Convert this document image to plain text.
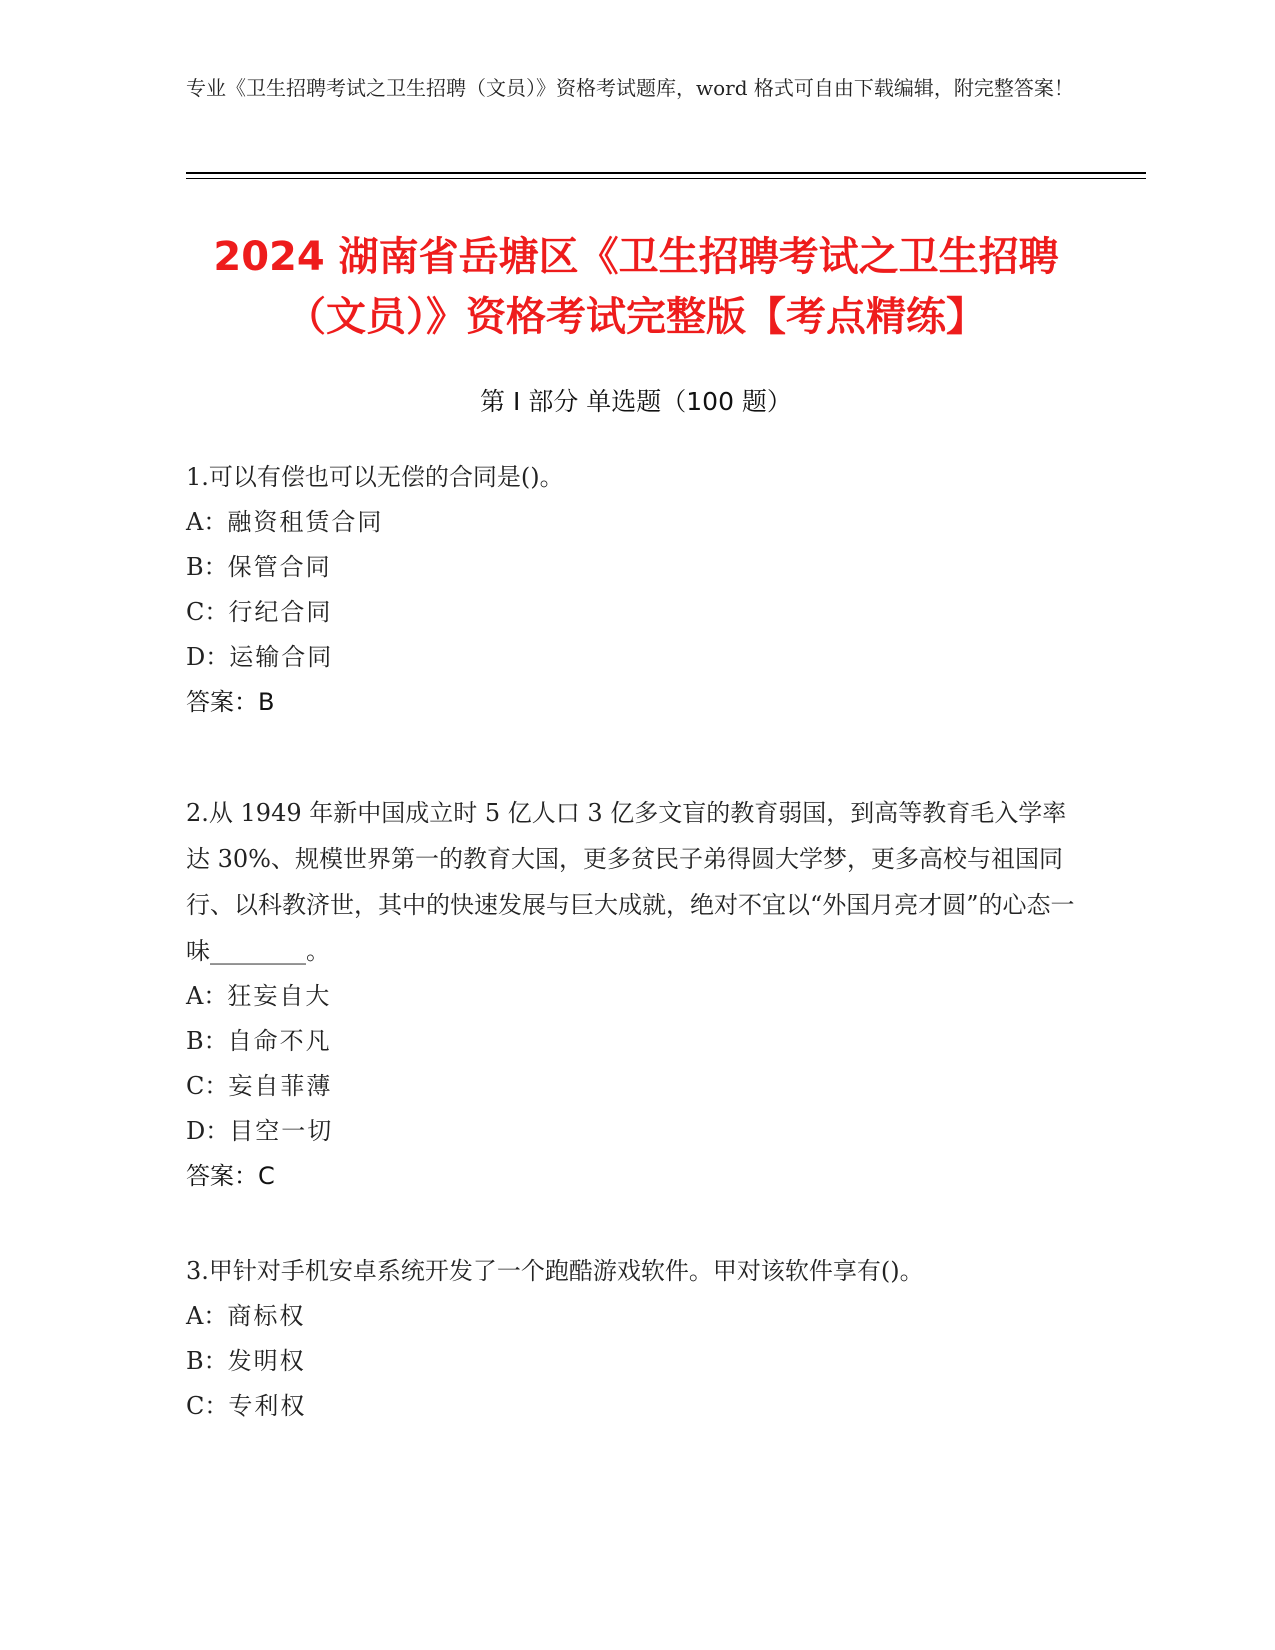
专业《卫生招聘考试之卫生招聘（文员）》资格考试题库，word 格式可自由下载编辑，附完整答案！
2024 湖南省岳塘区《卫生招聘考试之卫生招聘（文员）》资格考试完整版【考点精练】
第 I 部分 单选题（100 题）
1.可以有偿也可以无偿的合同是()。
A：融资租赁合同
B：保管合同
C：行纪合同
D：运输合同
答案：B
2.从 1949 年新中国成立时 5 亿人口 3 亿多文盲的教育弱国，到高等教育毛入学率达 30%、规模世界第一的教育大国，更多贫民子弟得圆大学梦，更多高校与祖国同行、以科教济世，其中的快速发展与巨大成就，绝对不宜以“外国月亮才圆”的心态一味________。
A：狂妄自大
B：自命不凡
C：妄自菲薄
D：目空一切
答案：C
3.甲针对手机安卓系统开发了一个跑酷游戏软件。甲对该软件享有()。
A：商标权
B：发明权
C：专利权
